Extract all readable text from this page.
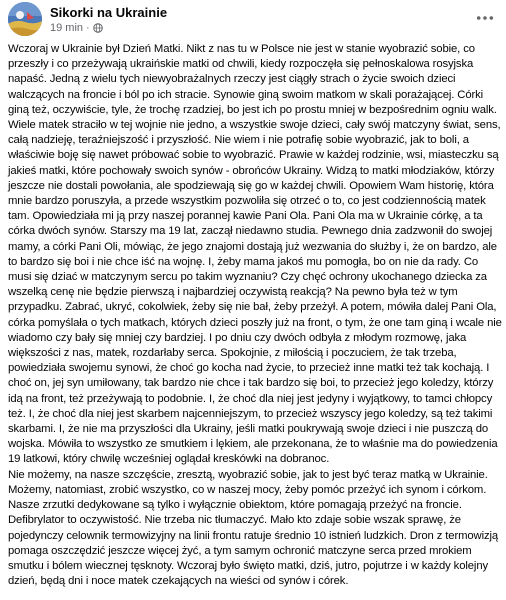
Sikorki na Ukrainie
19 min ·

Wczoraj w Ukrainie był Dzień Matki. Nikt z nas tu w Polsce nie jest w stanie wyobrazić sobie, co przeszły i co przeżywają ukraińskie matki od chwili, kiedy rozpoczęła się pełnoskalowa rosyjska napaść. Jedną z wielu tych niewyobrażalnych rzeczy jest ciągły strach o życie swoich dzieci walczących na froncie i ból po ich stracie. Synowie giną swoim matkom w skali porażającej. Córki giną też, oczywiście, tyle, że trochę rzadziej, bo jest ich po prostu mniej w bezpośrednim ogniu walk. Wiele matek straciło w tej wojnie nie jedno, a wszystkie swoje dzieci, cały swój matczyny świat, sens, całą nadzieję, teraźniejszość i przyszłość. Nie wiem i nie potrafię sobie wyobrazić, jak to boli, a właściwie boję się nawet próbować sobie to wyobrazić. Prawie w każdej rodzinie, wsi, miasteczku są jakieś matki, które pochowały swoich synów - obrońców Ukrainy. Widzą to matki młodziaków, którzy jeszcze nie dostali powołania, ale spodziewają się go w każdej chwili. Opowiem Wam historię, która mnie bardzo poruszyła, a przede wszystkim pozwoliła się otrzeć o to, co jest codziennością matek tam. Opowiedziała mi ją przy naszej porannej kawie Pani Ola. Pani Ola ma w Ukrainie córkę, a ta córka dwóch synów. Starszy ma 19 lat, zaczął niedawno studia. Pewnego dnia zadzwonił do swojej mamy, a córki Pani Oli, mówiąc, że jego znajomi dostają już wezwania do służby i, że on bardzo, ale to bardzo się boi i nie chce iść na wojnę. I, żeby mama jakoś mu pomogła, bo on nie da rady. Co musi się dziać w matczynym sercu po takim wyznaniu? Czy chęć ochrony ukochanego dziecka za wszelką cenę nie będzie pierwszą i najbardziej oczywistą reakcją? Na pewno była też w tym przypadku. Zabrać, ukryć, cokolwiek, żeby się nie bał, żeby przeżył. A potem, mówiła dalej Pani Ola, córka pomyślała o tych matkach, których dzieci poszły już na front, o tym, że one tam giną i wcale nie wiadomo czy bały się mniej czy bardziej. I po dniu czy dwóch odbyła z młodym rozmowę, jaka większości z nas, matek, rozdarłaby serca. Spokojnie, z miłością i poczuciem, że tak trzeba, powiedziała swojemu synowi, że choć go kocha nad życie, to przecież inne matki też tak kochają. I choć on, jej syn umiłowany, tak bardzo nie chce i tak bardzo się boi, to przecież jego koledzy, którzy idą na front, też przeżywają to podobnie. I, że choć dla niej jest jedyny i wyjątkowy, to tamci chłopcy też. I, że choć dla niej jest skarbem najcenniejszym, to przecież wszyscy jego koledzy, są też takimi skarbami. I, że nie ma przyszłości dla Ukrainy, jeśli matki poukrywają swoje dzieci i nie puszczą do wojska. Mówiła to wszystko ze smutkiem i lękiem, ale przekonana, że to właśnie ma do powiedzenia 19 latkowi, który chwilę wcześniej oglądał kreskówki na dobranoc.

Nie możemy, na nasze szczęście, zresztą, wyobrazić sobie, jak to jest być teraz matką w Ukrainie. Możemy, natomiast, zrobić wszystko, co w naszej mocy, żeby pomóc przeżyć ich synom i córkom. Nasze zrzutki dedykowane są tylko i wyłącznie obiektom, które pomagają przeżyć na froncie. Defibrylator to oczywistość. Nie trzeba nic tłumaczyć. Mało kto zdaje sobie wszak sprawę, że pojedynczy celownik termowizyjny na linii frontu ratuje średnio 10 istnień ludzkich. Dron z termowizją pomaga oszczędzić jeszcze więcej żyć, a tym samym ochronić matczyne serca przed mrokiem smutku i bólem wiecznej tęsknoty. Wczoraj było święto matki, dziś, jutro, pojutrze i w każdy kolejny dzień, będą dni i noce matek czekających na wieści od synów i córek.
